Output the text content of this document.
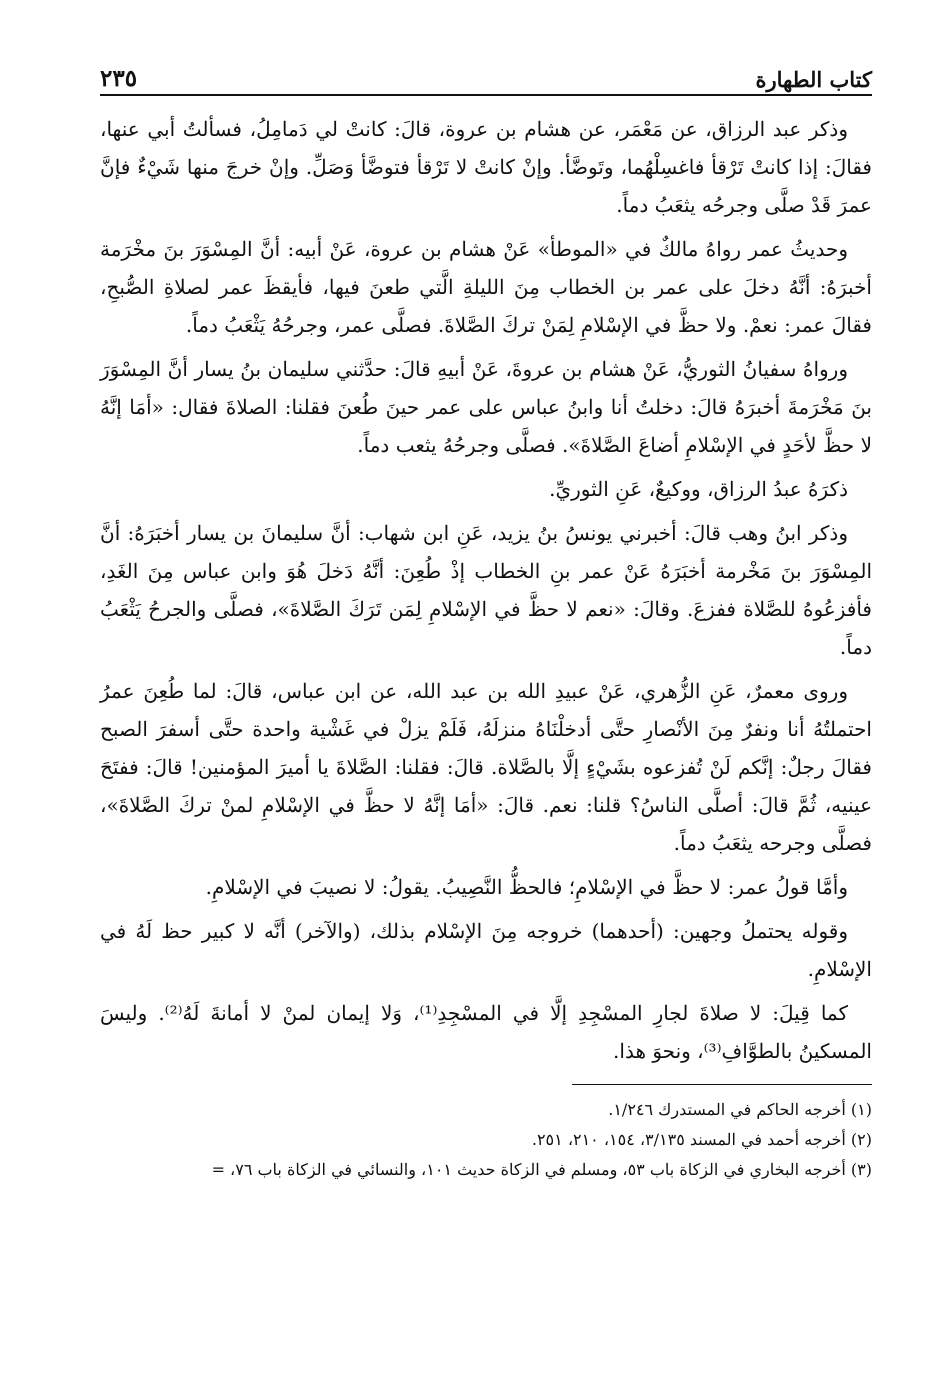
كتاب الطهارة
٢٣٥

وذكر عبد الرزاق، عن مَعْمَر، عن هشام بن عروة، قالَ: كانتْ لي دَمامِلُ، فسألتُ أبي عنها، فقالَ: إذا كانتْ تَرْقأ فاغسِلْهُما، وتَوضَّأ. وإنْ كانتْ لا تَرْقأ فتوضَّأ وَصَلِّ. وإنْ خرجَ منها شَيْءٌ فإنَّ عمرَ قَدْ صلَّى وجرحُه يثعَبُ دماً.

وحديثُ عمر رواهُ مالكٌ في «الموطأ» عَنْ هشام بن عروة، عَنْ أبيه: أنَّ المِسْوَرَ بنَ مخْرَمة أخبرَهُ: أنَّهُ دخلَ على عمر بن الخطاب مِنَ الليلةِ الَّتي طعنَ فيها، فأيقظَ عمر لصلاةِ الصُّبحِ، فقالَ عمر: نعمْ. ولا حظَّ في الإسْلامِ لِمَنْ تركَ الصَّلاةَ. فصلَّى عمر، وجرحُهُ يَثْعَبُ دماً.

ورواهُ سفيانُ الثوريُّ، عَنْ هشام بن عروةَ، عَنْ أبيهِ قالَ: حدَّثني سليمان بنُ يسار أنَّ المِسْوَرَ بنَ مَخْرَمةَ أخبرَهُ قالَ: دخلتُ أنا وابنُ عباس على عمر حينَ طُعنَ فقلنا: الصلاةَ فقال: «أمَا إنَّهُ لا حظَّ لأحَدٍ في الإسْلامِ أضاعَ الصَّلاةَ». فصلَّى وجرحُهُ يثعب دماً.

ذكرَهُ عبدُ الرزاق، ووكيعٌ، عَنِ الثوريِّ.

وذكر ابنُ وهب قالَ: أخبرني يونسُ بنُ يزيد، عَنِ ابن شهاب: أنَّ سليمانَ بن يسار أخبَرَهُ: أنَّ المِسْوَرَ بنَ مَخْرمة أخبَرَهُ عَنْ عمر بنِ الخطاب إذْ طُعِنَ: أنَّهُ دَخلَ هُوَ وابن عباس مِنَ الغَدِ، فأفزعُوهُ للصَّلاة ففزعَ. وقالَ: «نعم لا حظَّ في الإسْلامِ لِمَن تَرَكَ الصَّلاةَ»، فصلَّى والجرحُ يَثْعَبُ دماً.

وروى معمرٌ، عَنِ الزُّهري، عَنْ عبيدِ الله بن عبد الله، عن ابن عباس، قالَ: لما طُعِنَ عمرُ احتملتُهُ أنا ونفرٌ مِنَ الأنْصارِ حتَّى أدخلْنَاهُ منزلَهُ، فَلَمْ يزلْ في غَشْية واحدة حتَّى أسفرَ الصبح فقالَ رجلٌ: إنَّكم لَنْ تُفزعوه بشَيْءٍ إلَّا بالصَّلاة. قالَ: فقلنا: الصَّلاةَ يا أميرَ المؤمنين! قالَ: ففتَحَ عينيه، ثُمَّ قالَ: أصلَّى الناسُ؟ قلنا: نعم. قالَ: «أمَا إنَّهُ لا حظَّ في الإسْلامِ لمنْ تركَ الصَّلاةَ»، فصلَّى وجرحه يثعَبُ دماً.

وأمَّا قولُ عمر: لا حظَّ في الإسْلامِ؛ فالحظُّ النَّصِيبُ. يقولُ: لا نصيبَ في الإسْلامِ.

وقوله يحتملُ وجهين: (أحدهما) خروجه مِنَ الإسْلام بذلك، (والآخر) أنَّه لا كبير حظ لَهُ في الإسْلامِ.

كما قِيلَ: لا صلاةَ لجارِ المسْجِدِ إلَّا في المسْجِدِ⁽¹⁾، وَلا إيمان لمنْ لا أمانةَ لَهُ⁽²⁾. وليسَ المسكينُ بالطوَّافِ⁽³⁾، ونحوَ هذا.

(١) أخرجه الحاكم في المستدرك ١/٢٤٦.

(٢) أخرجه أحمد في المسند ٣/١٣٥، ١٥٤، ٢١٠، ٢٥١.

(٣) أخرجه البخاري في الزكاة باب ٥٣، ومسلم في الزكاة حديث ١٠١، والنسائي في الزكاة باب ٧٦، =
